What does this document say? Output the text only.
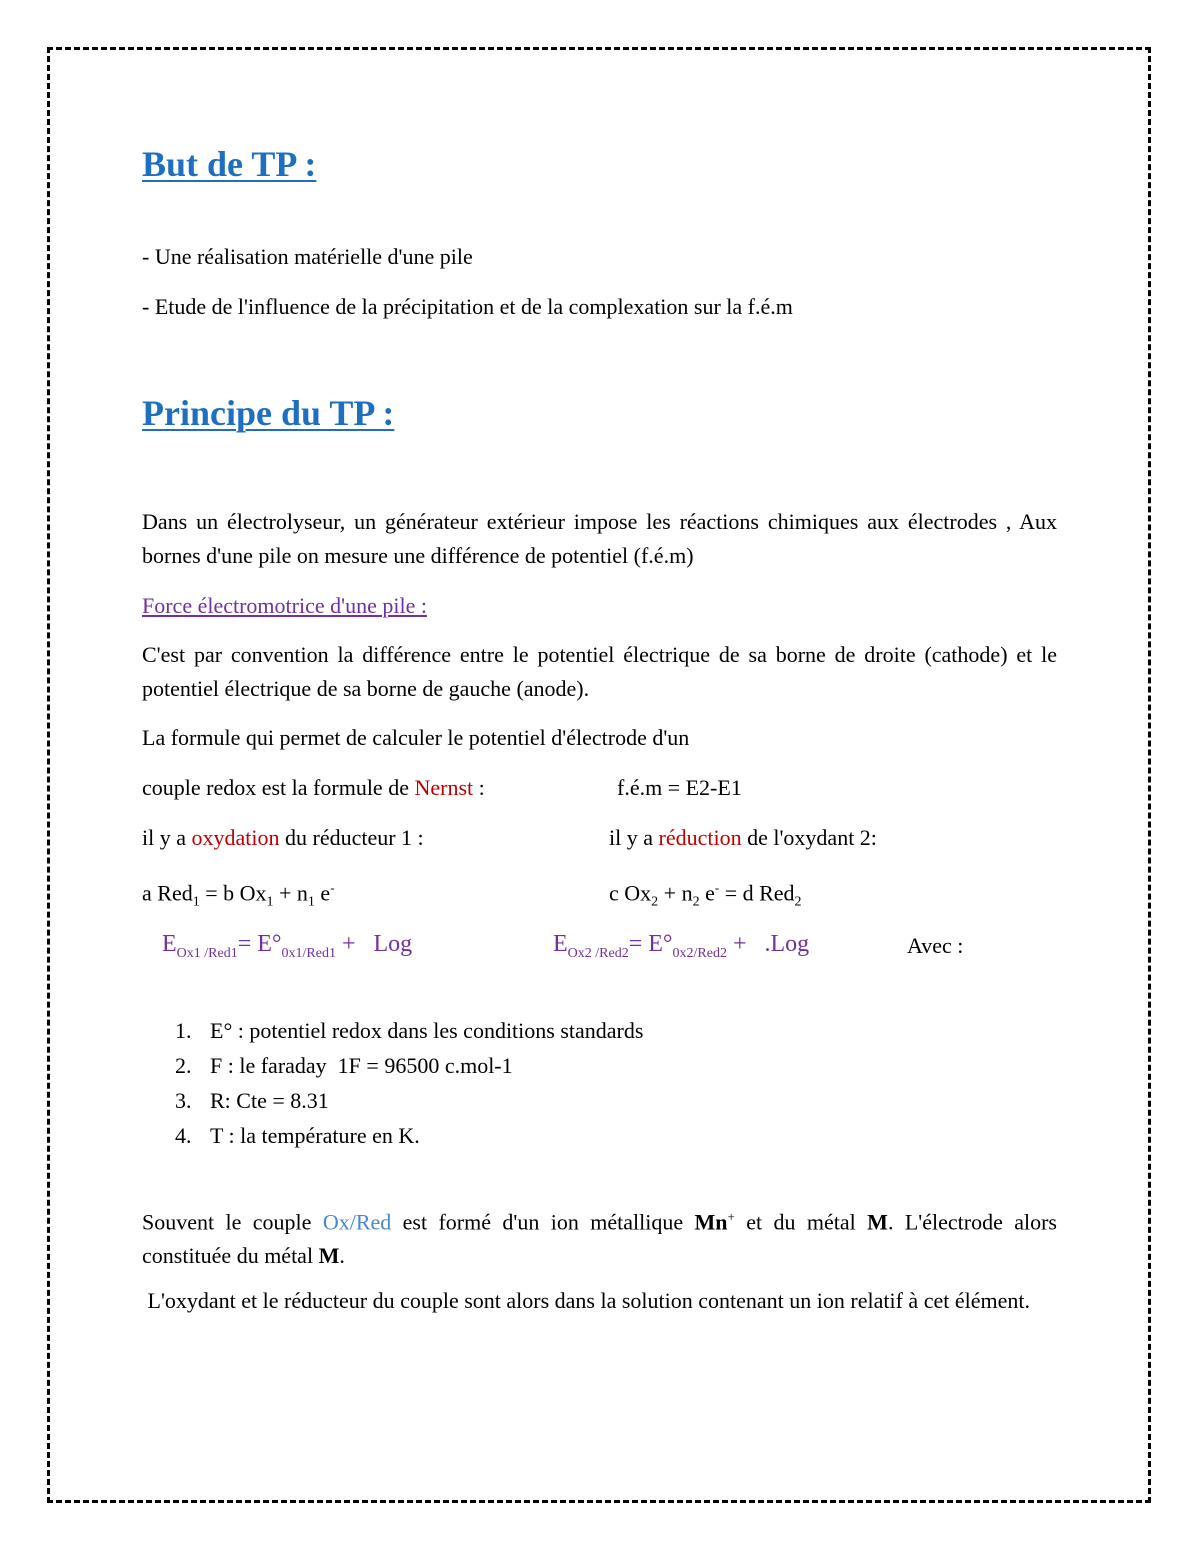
But de TP :
- Une réalisation matérielle d'une pile
- Etude de l'influence de la précipitation et de la complexation sur la f.é.m
Principe du TP :
Dans un électrolyseur, un générateur extérieur impose les réactions chimiques aux électrodes , Aux bornes d'une pile on mesure une différence de potentiel (f.é.m)
Force électromotrice d'une pile :
C'est par convention la différence entre le potentiel électrique de sa borne de droite (cathode) et le potentiel électrique de sa borne de gauche (anode).
La formule qui permet de calculer le potentiel d'électrode d'un
couple redox est la formule de Nernst :	f.é.m = E2-E1
il y a oxydation du réducteur 1 :	il y a réduction de l'oxydant 2:
a Red$_1$ = b $Ox_1 + n_1$ e-	c $Ox_2 + n_2$ e- = d Red$_2$
$E_{Ox1 /Red1}= E^\circ_{0x1/Red1}$ +   Log	$E_{Ox2 /Red2}= E^\circ_{0x2/Red2} + .Log$	Avec :
1. E° : potentiel redox dans les conditions standards
2. F : le faraday  1F = 96500 c.mol-1
3. R: Cte = 8.31
4. T : la température en K.
Souvent le couple Ox/Red est formé d'un ion métallique Mn+ et du métal M. L'électrode alors constituée du métal M.
L'oxydant et le réducteur du couple sont alors dans la solution contenant un ion relatif à cet élément.
